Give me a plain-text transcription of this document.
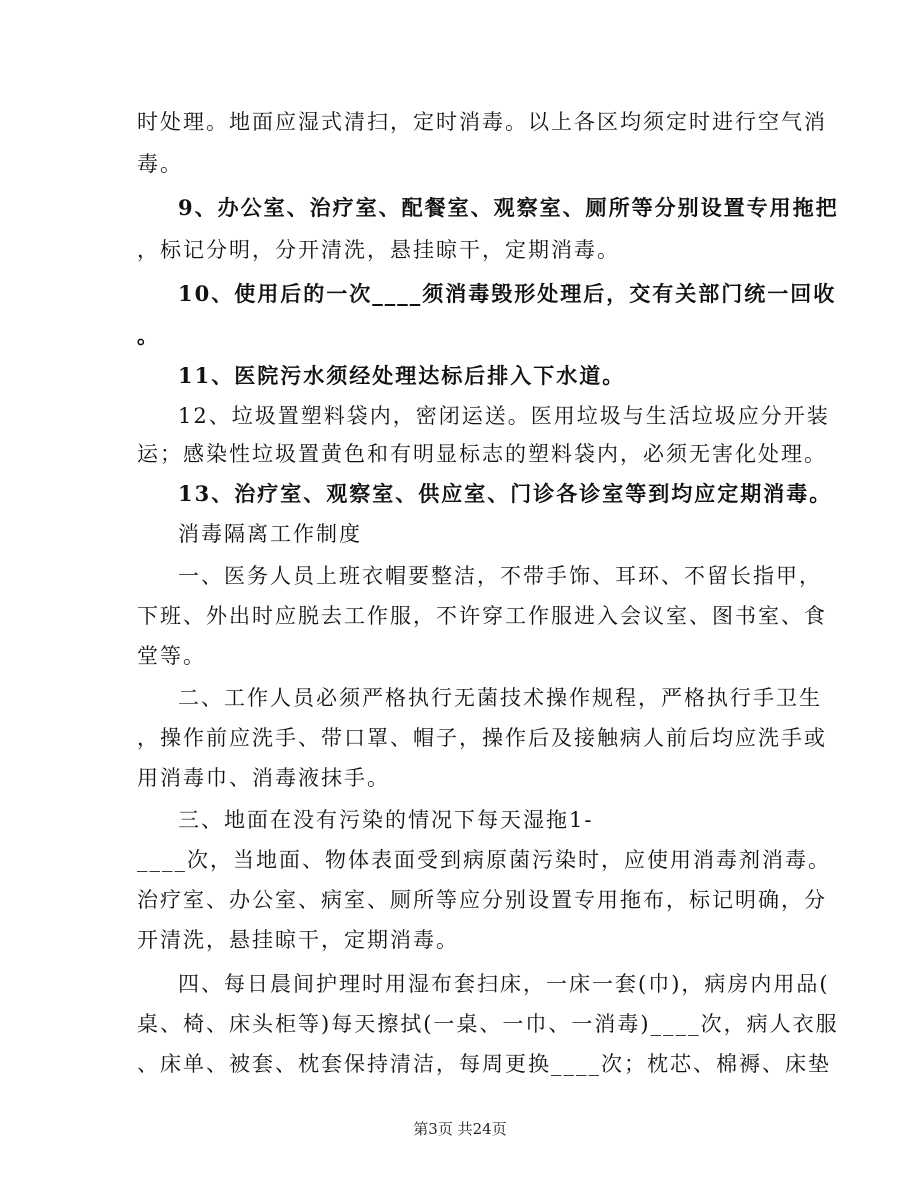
时处理。地面应湿式清扫，定时消毒。以上各区均须定时进行空气消
毒。
9、办公室、治疗室、配餐室、观察室、厕所等分别设置专用拖把
，标记分明，分开清洗，悬挂晾干，定期消毒。
10、使用后的一次____须消毒毁形处理后，交有关部门统一回收
。
11、医院污水须经处理达标后排入下水道。
12、垃圾置塑料袋内，密闭运送。医用垃圾与生活垃圾应分开装
运；感染性垃圾置黄色和有明显标志的塑料袋内，必须无害化处理。
13、治疗室、观察室、供应室、门诊各诊室等到均应定期消毒。
消毒隔离工作制度
一、医务人员上班衣帽要整洁，不带手饰、耳环、不留长指甲，
下班、外出时应脱去工作服，不许穿工作服进入会议室、图书室、食
堂等。
二、工作人员必须严格执行无菌技术操作规程，严格执行手卫生
，操作前应洗手、带口罩、帽子，操作后及接触病人前后均应洗手或
用消毒巾、消毒液抹手。
三、地面在没有污染的情况下每天湿拖1-
____次，当地面、物体表面受到病原菌污染时，应使用消毒剂消毒。
治疗室、办公室、病室、厕所等应分别设置专用拖布，标记明确，分
开清洗，悬挂晾干，定期消毒。
四、每日晨间护理时用湿布套扫床，一床一套(巾)，病房内用品(
桌、椅、床头柜等)每天擦拭(一桌、一巾、一消毒)____次，病人衣服
、床单、被套、枕套保持清洁，每周更换____次；枕芯、棉褥、床垫
第3页 共24页
